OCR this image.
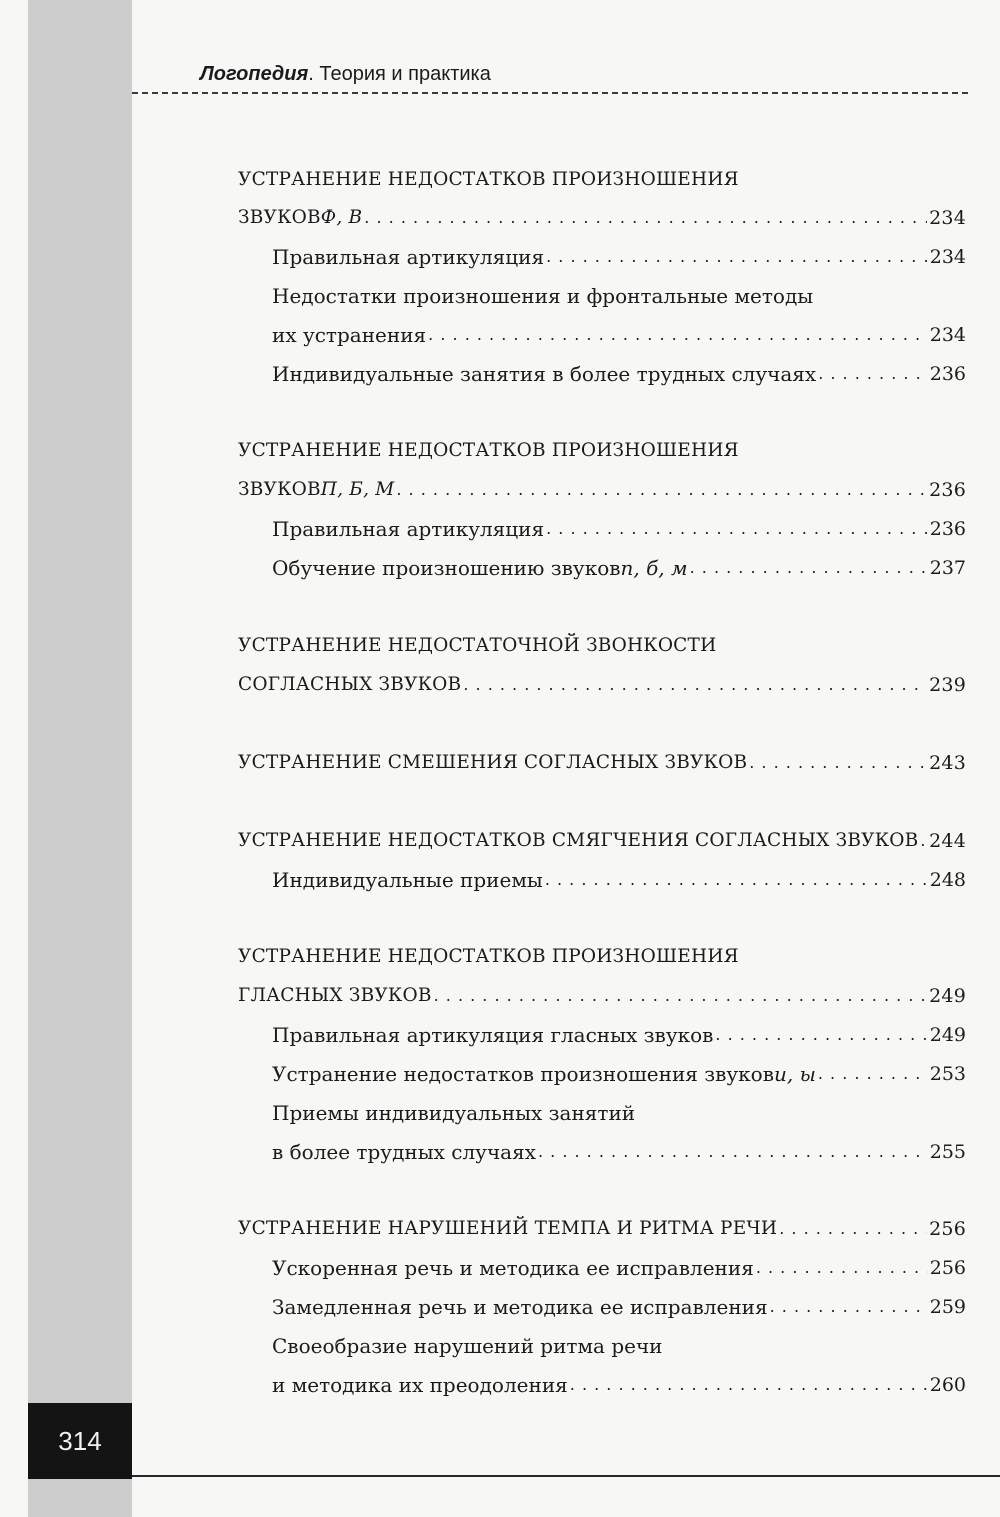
314
Логопедия. Теория и практика
УСТРАНЕНИЕ НЕДОСТАТКОВ ПРОИЗНОШЕНИЯ
ЗВУКОВ Ф, В . . .	234
Правильная артикуляция . . .	234
Недостатки произношения и фронтальные методы
их устранения . . .	234
Индивидуальные занятия в более трудных случаях . . .	236
УСТРАНЕНИЕ НЕДОСТАТКОВ ПРОИЗНОШЕНИЯ
ЗВУКОВ П, Б, М . . .	236
Правильная артикуляция . . .	236
Обучение произношению звуков п, б, м . . .	237
УСТРАНЕНИЕ НЕДОСТАТОЧНОЙ ЗВОНКОСТИ
СОГЛАСНЫХ ЗВУКОВ . . .	239
УСТРАНЕНИЕ СМЕШЕНИЯ СОГЛАСНЫХ ЗВУКОВ . . .	243
УСТРАНЕНИЕ НЕДОСТАТКОВ СМЯГЧЕНИЯ СОГЛАСНЫХ ЗВУКОВ . . . 244
Индивидуальные приемы . . .	248
УСТРАНЕНИЕ НЕДОСТАТКОВ ПРОИЗНОШЕНИЯ
ГЛАСНЫХ ЗВУКОВ . . .	249
Правильная артикуляция гласных звуков . . .	249
Устранение недостатков произношения звуков и, ы . . .	253
Приемы индивидуальных занятий
в более трудных случаях . . .	255
УСТРАНЕНИЕ НАРУШЕНИЙ ТЕМПА И РИТМА РЕЧИ . . .	256
Ускоренная речь и методика ее исправления . . .	256
Замедленная речь и методика ее исправления . . .	259
Своеобразие нарушений ритма речи
и методика их преодоления . . .	260
